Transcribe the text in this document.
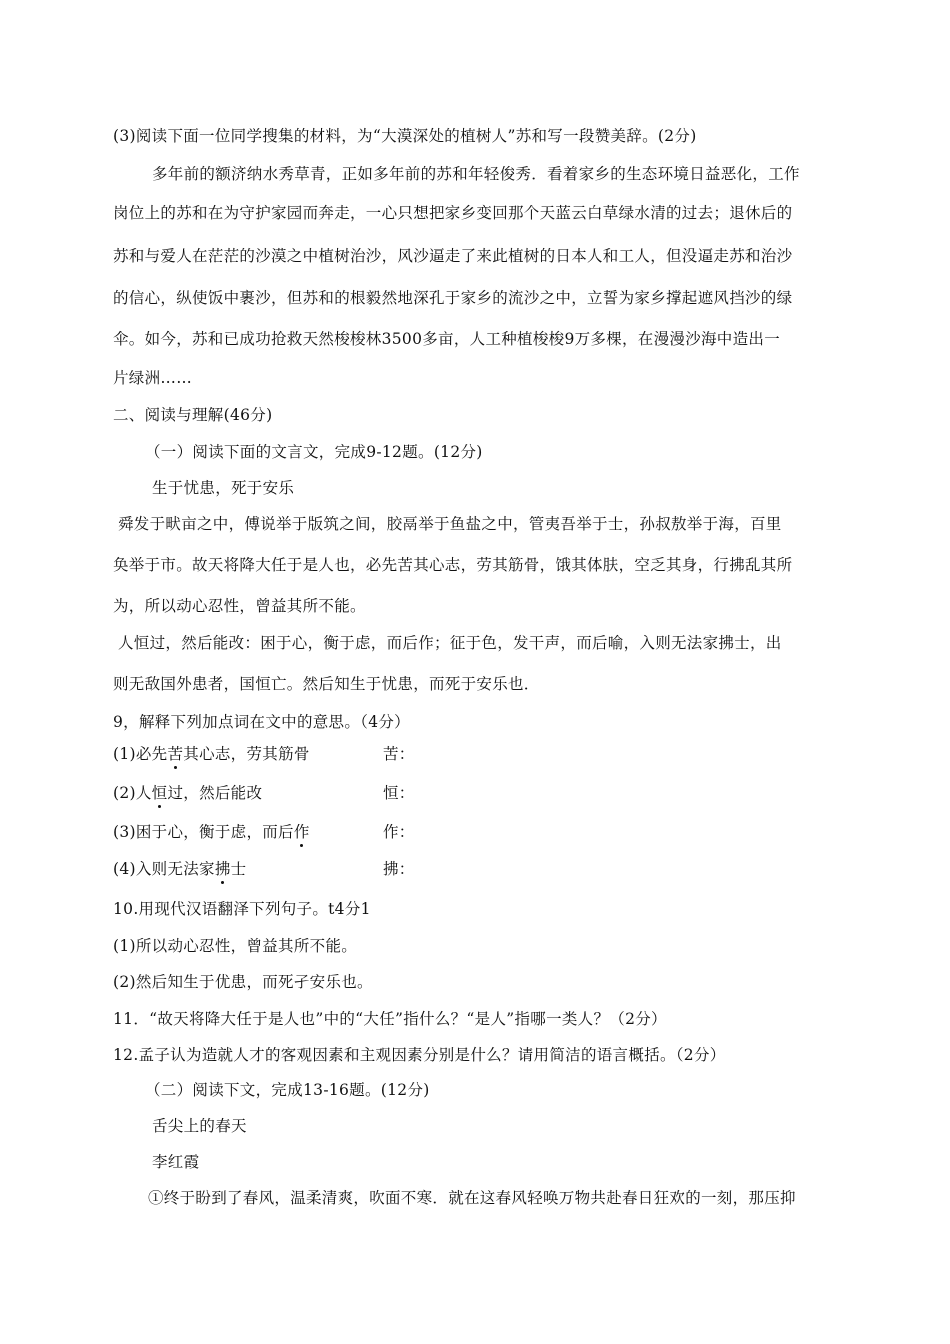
(3)阅读下面一位同学搜集的材料，为“大漠深处的植树人”苏和写一段赞美辞。(2分)
多年前的额济纳水秀草青，正如多年前的苏和年轻俊秀．看着家乡的生态环境日益恶化，工作
岗位上的苏和在为守护家园而奔走，一心只想把家乡变回那个天蓝云白草绿水清的过去；退休后的
苏和与爱人在茫茫的沙漠之中植树治沙，风沙逼走了来此植树的日本人和工人，但没逼走苏和治沙
的信心，纵使饭中裹沙，但苏和的根毅然地深孔于家乡的流沙之中，立誓为家乡撑起遮风挡沙的绿
伞。如今，苏和已成功抢救天然梭梭林3500多亩，人工种植梭梭9万多棵，在漫漫沙海中造出一
片绿洲……
二、阅读与理解(46分)
（一）阅读下面的文言文，完成9-12题。(12分)
生于忧患，死于安乐
舜发于畎亩之中，傅说举于版筑之间，胶鬲举于鱼盐之中，管夷吾举于士，孙叔敖举于海，百里
奂举于市。故天将降大任于是人也，必先苦其心志，劳其筋骨，饿其体肤，空乏其身，行拂乱其所
为，所以动心忍性，曾益其所不能。
人恒过，然后能改：困于心，衡于虑，而后作；征于色，发干声，而后喻，入则无法家拂士，出
则无敌国外患者，国恒亡。然后知生于忧患，而死于安乐也．
9，解释下列加点词在文中的意思。（4分）
(1)必先苦其心志，劳其筋骨	苦：
(2)人恒过，然后能改	恒：
(3)困于心，衡于虑，而后作	作：
(4)入则无法家拂士	拂：
10.用现代汉语翻泽下列句子。t4分1
(1)所以动心忍性，曾益其所不能。
(2)然后知生于优患，而死孑安乐也。
11．“故天将降大任于是人也”中的“大任”指什么？“是人”指哪一类人？（2分）
12.孟子认为造就人才的客观因素和主观因素分别是什么？请用简洁的语言概括。（2分）
（二）阅读下文，完成13-16题。(12分)
舌尖上的春天
李红霞
①终于盼到了春风，温柔清爽，吹面不寒．就在这春风轻唤万物共赴春日狂欢的一刻，那压抑
